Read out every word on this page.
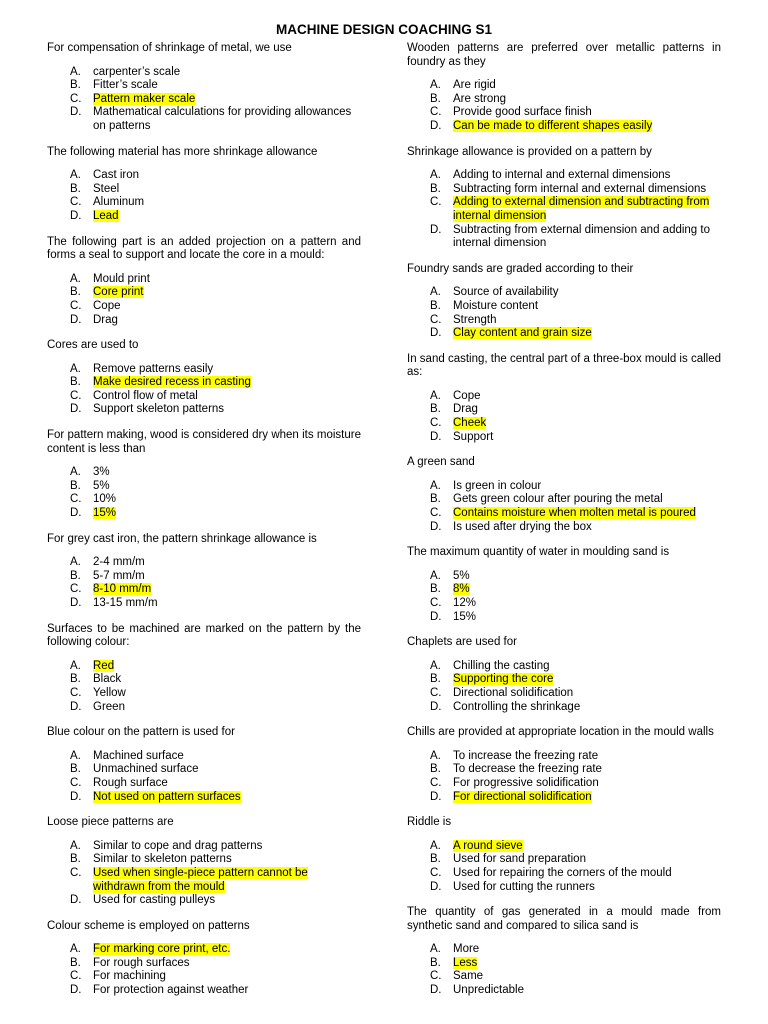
MACHINE DESIGN COACHING S1
For compensation of shrinkage of metal, we use
A.	carpenter’s scale
B.	Fitter’s scale
C.	Pattern maker scale
D.	Mathematical calculations for providing allowances on patterns
The following material has more shrinkage allowance
A.	Cast iron
B.	Steel
C.	Aluminum
D.	Lead
The following part is an added projection on a pattern and forms a seal to support and locate the core in a mould:
A.	Mould print
B.	Core print
C.	Cope
D.	Drag
Cores are used to
A.	Remove patterns easily
B.	Make desired recess in casting
C.	Control flow of metal
D.	Support skeleton patterns
For pattern making, wood is considered dry when its moisture content is less than
A.	3%
B.	5%
C.	10%
D.	15%
For grey cast iron, the pattern shrinkage allowance is
A.	2-4 mm/m
B.	5-7 mm/m
C.	8-10 mm/m
D.	13-15 mm/m
Surfaces to be machined are marked on the pattern by the following colour:
A.	Red
B.	Black
C.	Yellow
D.	Green
Blue colour on the pattern is used for
A.	Machined surface
B.	Unmachined surface
C.	Rough surface
D.	Not used on pattern surfaces
Loose piece patterns are
A.	Similar to cope and drag patterns
B.	Similar to skeleton patterns
C.	Used when single-piece pattern cannot be withdrawn from the mould
D.	Used for casting pulleys
Colour scheme is employed on patterns
A.	For marking core print, etc.
B.	For rough surfaces
C.	For machining
D.	For protection against weather
Wooden patterns are preferred over metallic patterns in foundry as they
A.	Are rigid
B.	Are strong
C.	Provide good surface finish
D.	Can be made to different shapes easily
Shrinkage allowance is provided on a pattern by
A.	Adding to internal and external dimensions
B.	Subtracting form internal and external dimensions
C.	Adding to external dimension and subtracting from internal dimension
D.	Subtracting from external dimension and adding to internal dimension
Foundry sands are graded according to their
A.	Source of availability
B.	Moisture content
C.	Strength
D.	Clay content and grain size
In sand casting, the central part of a three-box mould is called as:
A.	Cope
B.	Drag
C.	Cheek
D.	Support
A green sand
A.	Is green in colour
B.	Gets green colour after pouring the metal
C.	Contains moisture when molten metal is poured
D.	Is used after drying the box
The maximum quantity of water in moulding sand is
A.	5%
B.	8%
C.	12%
D.	15%
Chaplets are used for
A.	Chilling the casting
B.	Supporting the core
C.	Directional solidification
D.	Controlling the shrinkage
Chills are provided at appropriate location in the mould walls
A.	To increase the freezing rate
B.	To decrease the freezing rate
C.	For progressive solidification
D.	For directional solidification
Riddle is
A.	A round sieve
B.	Used for sand preparation
C.	Used for repairing the corners of the mould
D.	Used for cutting the runners
The quantity of gas generated in a mould made from synthetic sand and compared to silica sand is
A.	More
B.	Less
C.	Same
D.	Unpredictable
